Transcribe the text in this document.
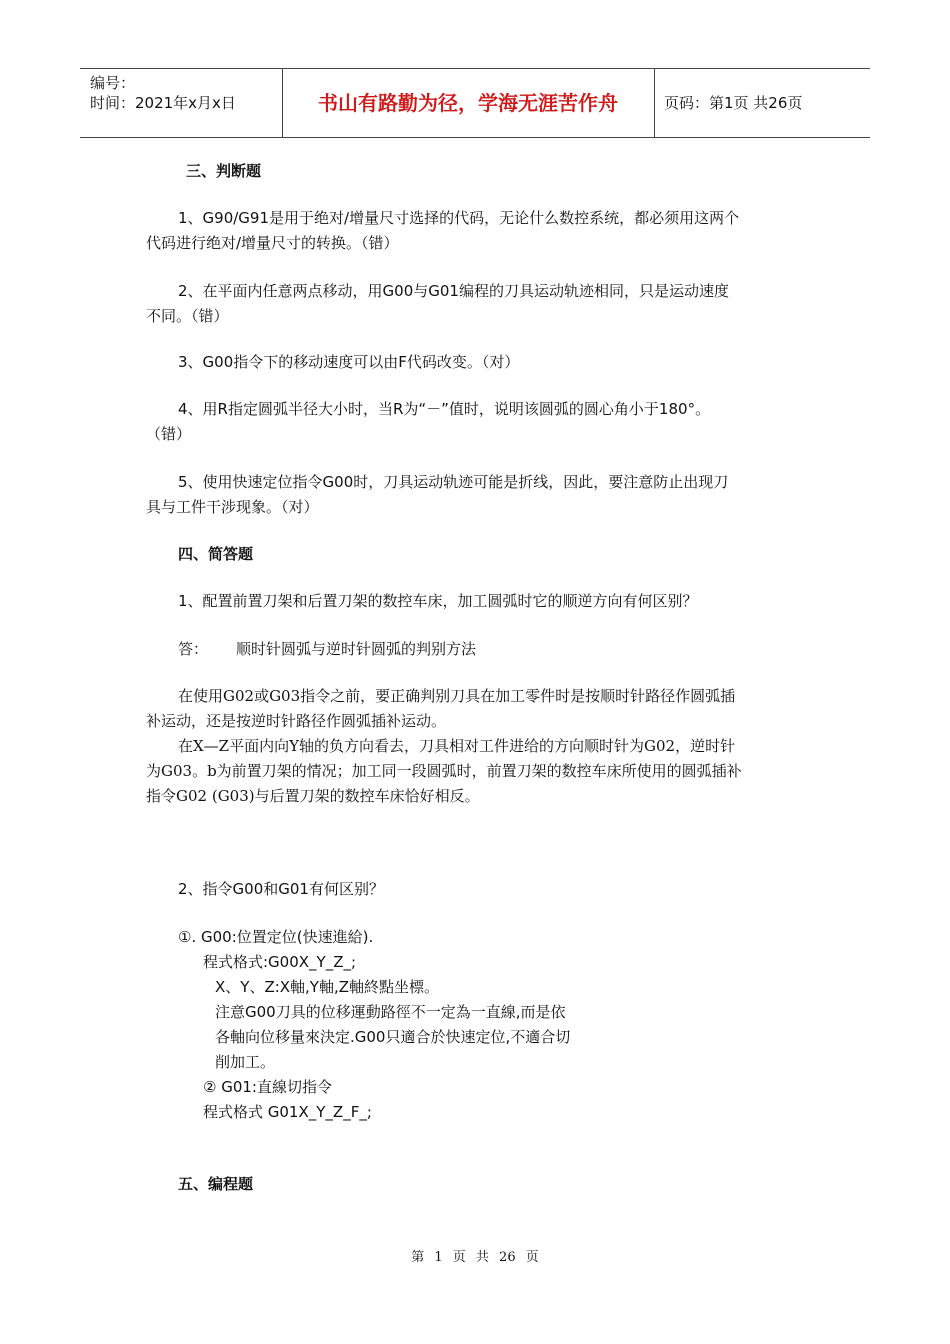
编号：
时间：2021年x月x日	书山有路勤为径，学海无涯苦作舟	页码：第1页 共26页
三、判断题
1、G90/G91是用于绝对/增量尺寸选择的代码，无论什么数控系统，都必须用这两个
代码进行绝对/增量尺寸的转换。（错）
2、在平面内任意两点移动，用G00与G01编程的刀具运动轨迹相同，只是运动速度
不同。（错）
3、G00指令下的移动速度可以由F代码改变。（对）
4、用R指定圆弧半径大小时，当R为“－”值时，说明该圆弧的圆心角小于180°。
（错）
5、使用快速定位指令G00时，刀具运动轨迹可能是折线，因此，要注意防止出现刀
具与工件干涉现象。（对）
四、简答题
1、配置前置刀架和后置刀架的数控车床，加工圆弧时它的顺逆方向有何区别？
答： 顺时针圆弧与逆时针圆弧的判别方法
在使用G02或G03指令之前，要正确判别刀具在加工零件时是按顺时针路径作圆弧插
补运动，还是按逆时针路径作圆弧插补运动。
在X—Z平面内向Y轴的负方向看去，刀具相对工件进给的方向顺时针为G02，逆时针
为G03。b为前置刀架的情况；加工同一段圆弧时，前置刀架的数控车床所使用的圆弧插补
指令G02 (G03)与后置刀架的数控车床恰好相反。
2、指令G00和G01有何区别？
①. G00:位置定位(快速進給).
程式格式:G00X_Y_Z_;
X、Y、Z:X軸,Y軸,Z軸終點坐標。
注意G00刀具的位移運動路徑不一定為一直線,而是依
各軸向位移量來決定.G00只適合於快速定位,不適合切
削加工。
② G01:直線切指令
程式格式 G01X_Y_Z_F_;
五、编程题
第 1 页 共 26 页
